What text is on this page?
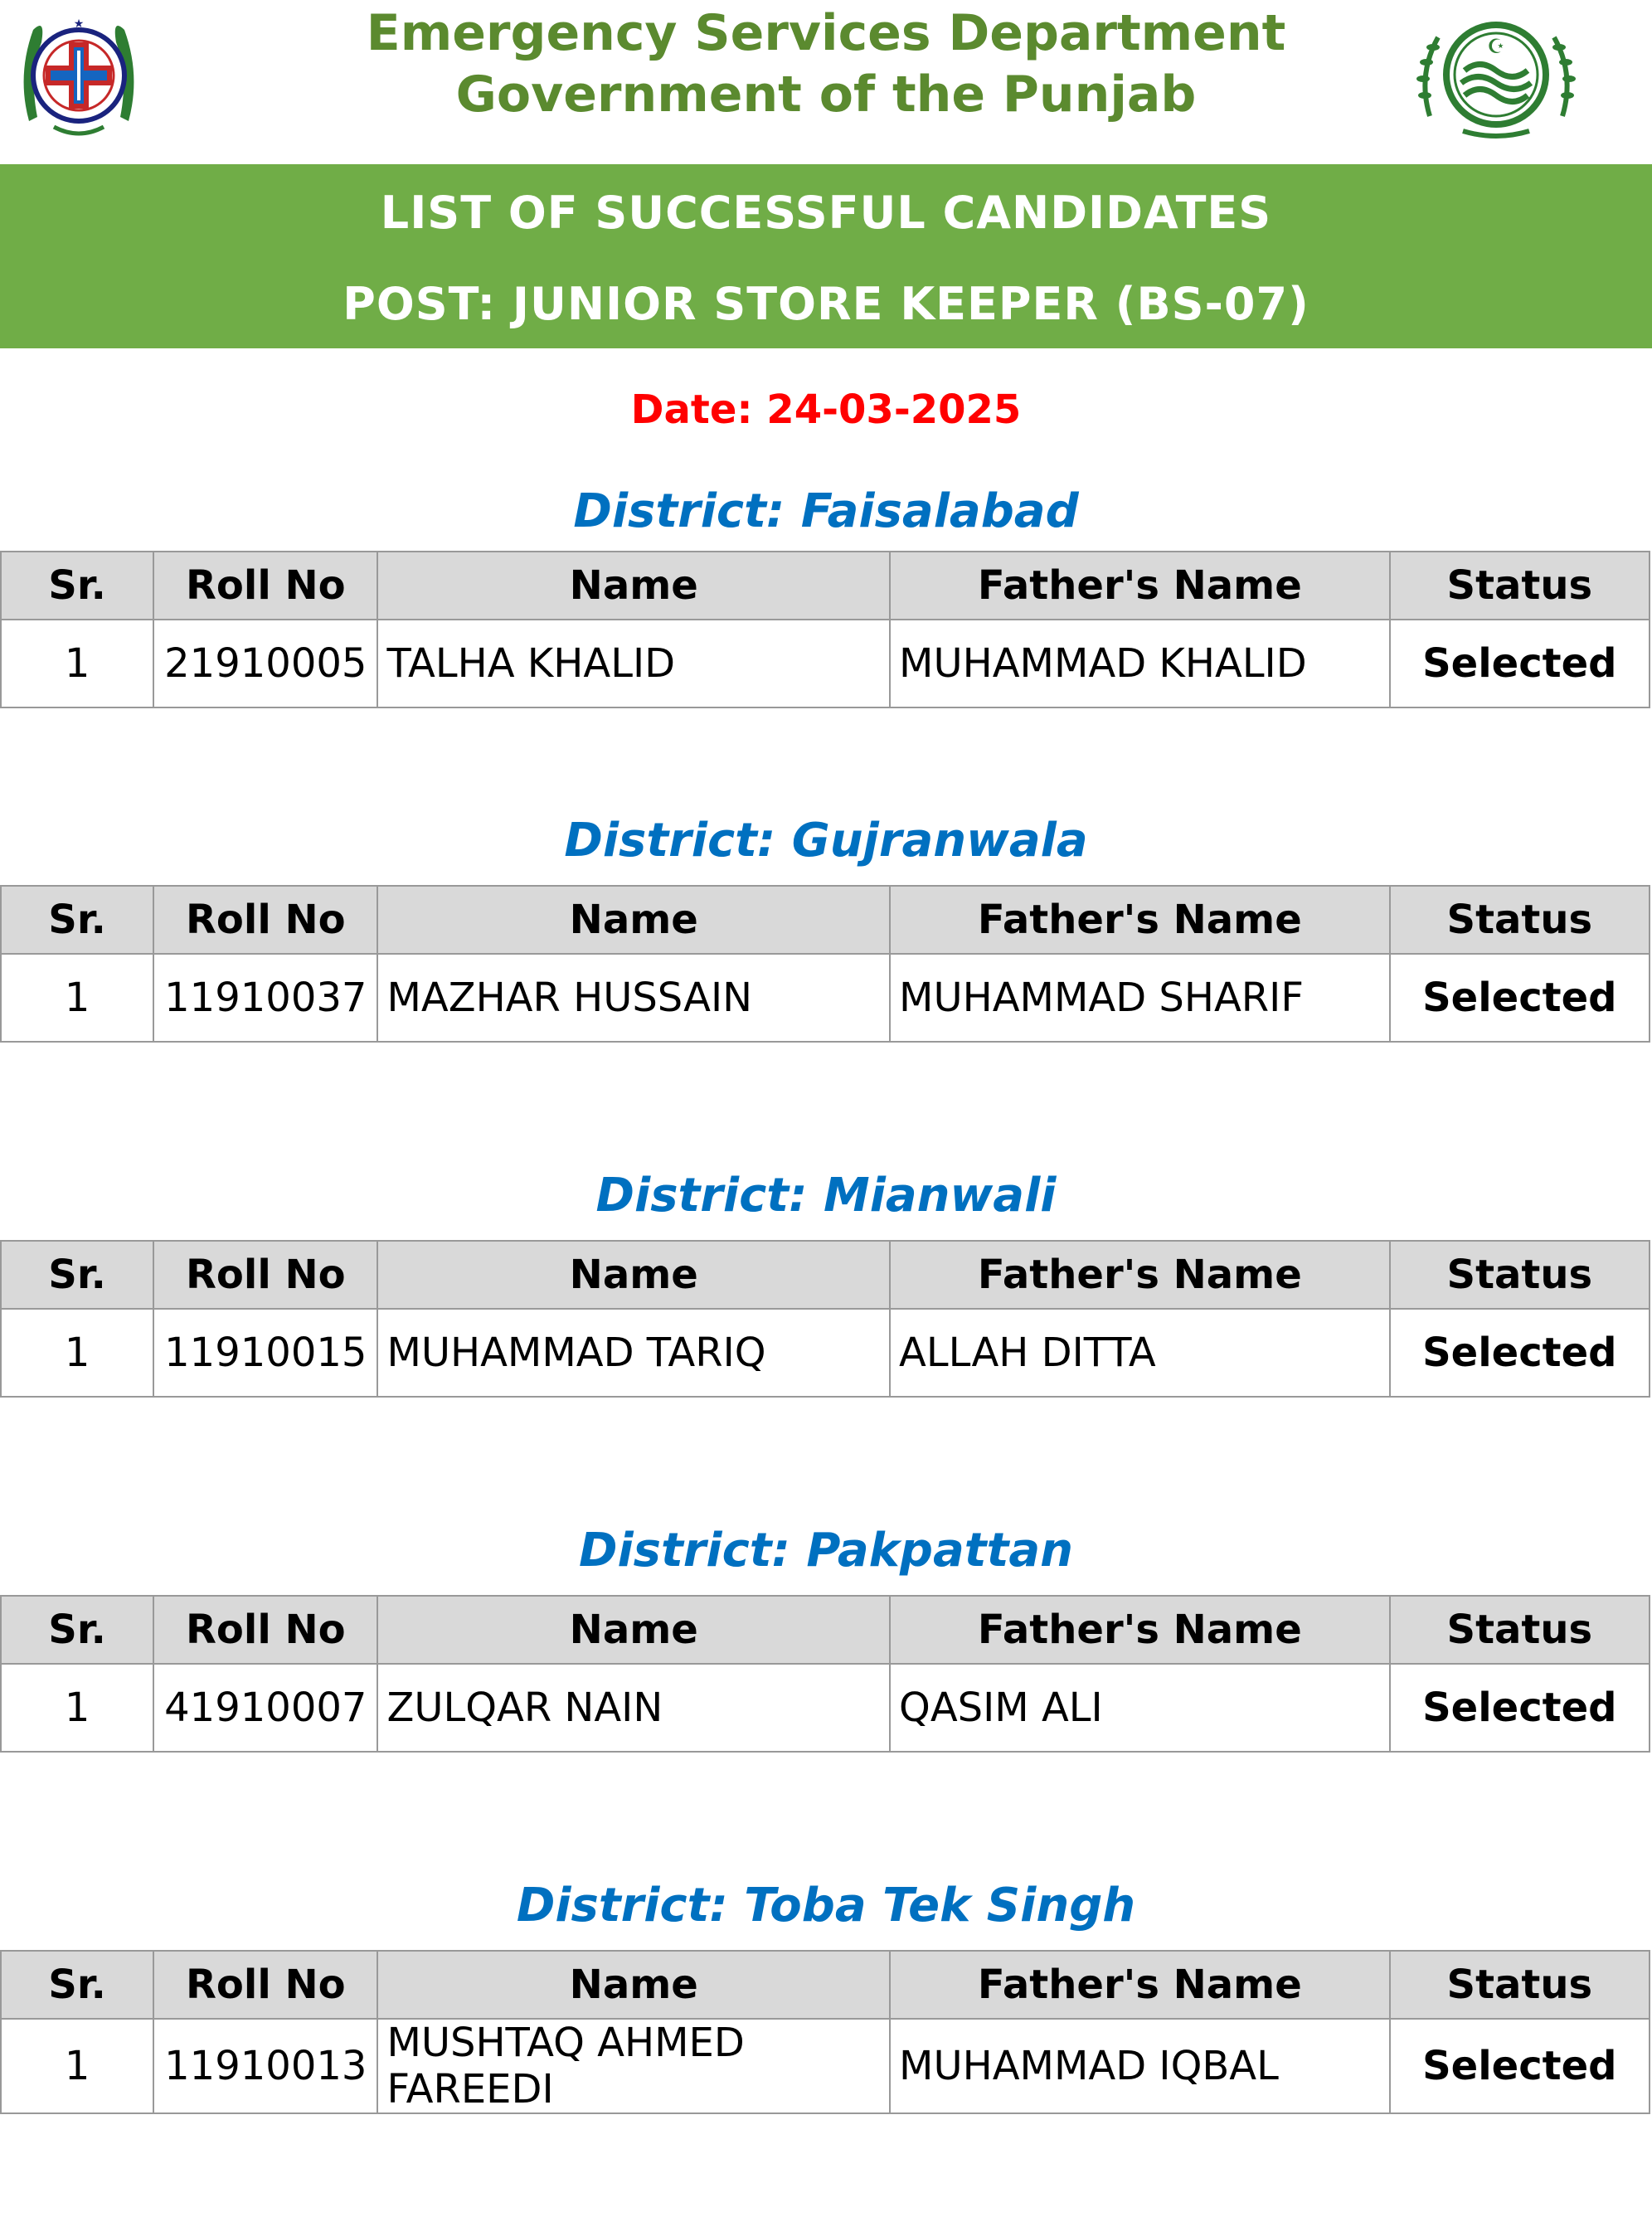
★	Emergency Services Department
Government of the Punjab
☪
LIST OF SUCCESSFUL CANDIDATES
POST: JUNIOR STORE KEEPER (BS-07)
Date: 24-03-2025
District: Faisalabad
Sr.	Roll No	Name	Father's Name	Status
1	21910005	TALHA KHALID	MUHAMMAD KHALID	Selected
District: Gujranwala
Sr.	Roll No	Name	Father's Name	Status
1	11910037	MAZHAR HUSSAIN	MUHAMMAD SHARIF	Selected
District: Mianwali
Sr.	Roll No	Name	Father's Name	Status
1	11910015	MUHAMMAD TARIQ	ALLAH DITTA	Selected
District: Pakpattan
Sr.	Roll No	Name	Father's Name	Status
1	41910007	ZULQAR NAIN	QASIM ALI	Selected
District: Toba Tek Singh
Sr.	Roll No	Name	Father's Name	Status
1	11910013	MUSHTAQ AHMED FAREEDI	MUHAMMAD IQBAL	Selected
